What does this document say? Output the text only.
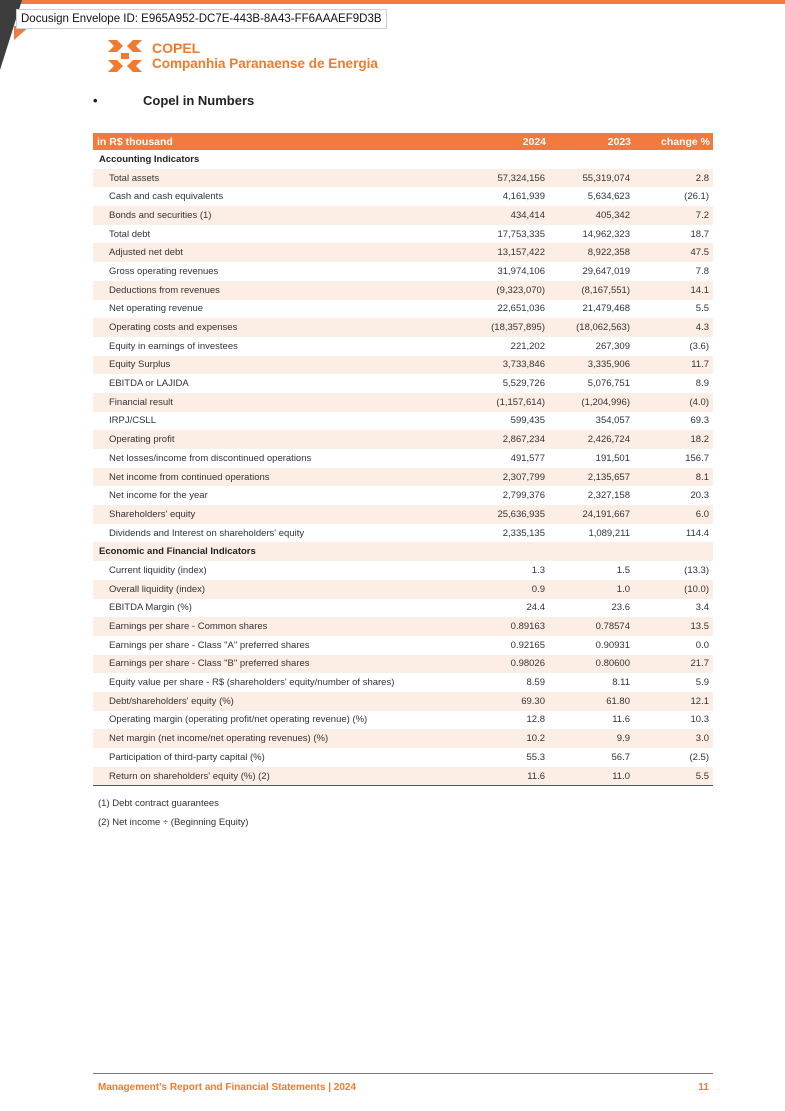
Docusign Envelope ID: E965A952-DC7E-443B-8A43-FF6AAAEF9D3B
COPEL
Companhia Paranaense de Energia
•	Copel in Numbers
in R$ thousand	2024	2023	change %
Accounting Indicators			
Total assets	57,324,156	55,319,074	2.8
Cash and cash equivalents	4,161,939	5,634,623	(26.1)
Bonds and securities (1)	434,414	405,342	7.2
Total debt	17,753,335	14,962,323	18.7
Adjusted net debt	13,157,422	8,922,358	47.5
Gross operating revenues	31,974,106	29,647,019	7.8
Deductions from revenues	(9,323,070)	(8,167,551)	14.1
Net operating revenue	22,651,036	21,479,468	5.5
Operating costs and expenses	(18,357,895)	(18,062,563)	4.3
Equity in earnings of investees	221,202	267,309	(3.6)
Equity Surplus	3,733,846	3,335,906	11.7
EBITDA or LAJIDA	5,529,726	5,076,751	8.9
Financial result	(1,157,614)	(1,204,996)	(4.0)
IRPJ/CSLL	599,435	354,057	69.3
Operating profit	2,867,234	2,426,724	18.2
Net losses/income from discontinued operations	491,577	191,501	156.7
Net income from continued operations	2,307,799	2,135,657	8.1
Net income for the year	2,799,376	2,327,158	20.3
Shareholders' equity	25,636,935	24,191,667	6.0
Dividends and Interest on shareholders' equity	2,335,135	1,089,211	114.4
Economic and Financial Indicators			
Current liquidity (index)	1.3	1.5	(13.3)
Overall liquidity (index)	0.9	1.0	(10.0)
EBITDA Margin (%)	24.4	23.6	3.4
Earnings per share - Common shares	0.89163	0.78574	13.5
Earnings per share - Class "A" preferred shares	0.92165	0.90931	0.0
Earnings per share - Class "B" preferred shares	0.98026	0.80600	21.7
Equity value per share - R$ (shareholders' equity/number of shares)	8.59	8.11	5.9
Debt/shareholders' equity (%)	69.30	61.80	12.1
Operating margin (operating profit/net operating revenue) (%)	12.8	11.6	10.3
Net margin (net income/net operating revenues) (%)	10.2	9.9	3.0
Participation of third-party capital (%)	55.3	56.7	(2.5)
Return on shareholders' equity (%) (2)	11.6	11.0	5.5
(1) Debt contract guarantees
(2) Net income ÷ (Beginning Equity)
Management's Report and Financial Statements | 2024	11
